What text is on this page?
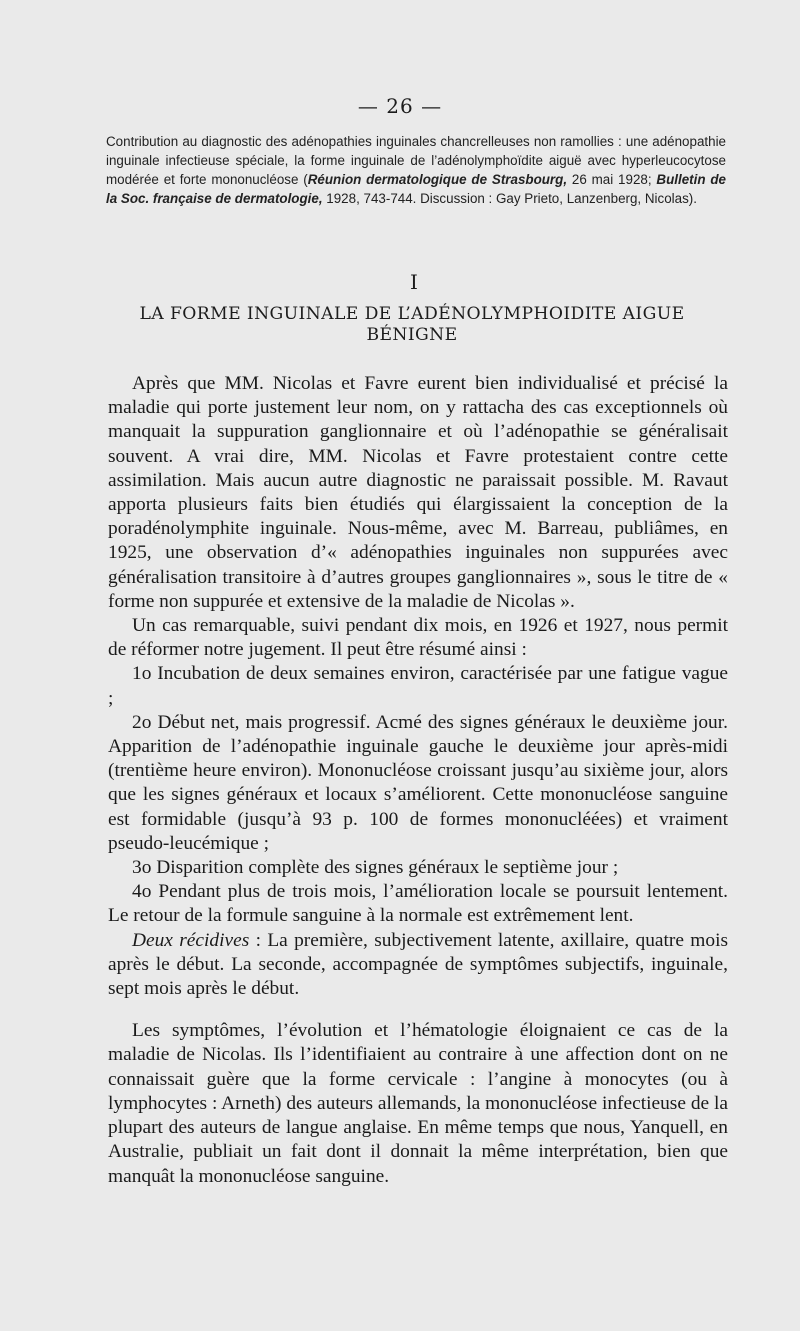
— 26 —
Contribution au diagnostic des adénopathies inguinales chancrelleuses non ramollies : une adénopathie inguinale infectieuse spéciale, la forme inguinale de l’adénolymphoïdite aiguë avec hyperleucocytose modérée et forte mononucléose (Réunion dermatologique de Strasbourg, 26 mai 1928; Bulletin de la Soc. française de dermatologie, 1928, 743-744. Discussion : Gay Prieto, Lanzenberg, Nicolas).
I
LA FORME INGUINALE DE L’ADÉNOLYMPHOIDITE AIGUE BÉNIGNE

Après que MM. Nicolas et Favre eurent bien individualisé et précisé la maladie qui porte justement leur nom, on y rattacha des cas exceptionnels où manquait la suppuration ganglionnaire et où l’adénopathie se généralisait souvent. A vrai dire, MM. Nicolas et Favre protestaient contre cette assimilation. Mais aucun autre diagnostic ne paraissait possible. M. Ravaut apporta plusieurs faits bien étudiés qui élargissaient la conception de la poradénolymphite inguinale. Nous-même, avec M. Barreau, publiâmes, en 1925, une observation d’« adénopathies inguinales non suppurées avec généralisation transitoire à d’autres groupes ganglionnaires », sous le titre de « forme non suppurée et extensive de la maladie de Nicolas ».

Un cas remarquable, suivi pendant dix mois, en 1926 et 1927, nous permit de réformer notre jugement. Il peut être résumé ainsi :

1o Incubation de deux semaines environ, caractérisée par une fatigue vague ;

2o Début net, mais progressif. Acmé des signes généraux le deuxième jour. Apparition de l’adénopathie inguinale gauche le deuxième jour après-midi (trentième heure environ). Mononucléose croissant jusqu’au sixième jour, alors que les signes généraux et locaux s’améliorent. Cette mononucléose sanguine est formidable (jusqu’à 93 p. 100 de formes mononucléées) et vraiment pseudo-leucémique ;

3o Disparition complète des signes généraux le septième jour ;

4o Pendant plus de trois mois, l’amélioration locale se poursuit lentement. Le retour de la formule sanguine à la normale est extrêmement lent.

Deux récidives : La première, subjectivement latente, axillaire, quatre mois après le début. La seconde, accompagnée de symptômes subjectifs, inguinale, sept mois après le début.

Les symptômes, l’évolution et l’hématologie éloignaient ce cas de la maladie de Nicolas. Ils l’identifiaient au contraire à une affection dont on ne connaissait guère que la forme cervicale : l’angine à monocytes (ou à lymphocytes : Arneth) des auteurs allemands, la mononucléose infectieuse de la plupart des auteurs de langue anglaise. En même temps que nous, Yanquell, en Australie, publiait un fait dont il donnait la même interprétation, bien que manquât la mononucléose sanguine.
